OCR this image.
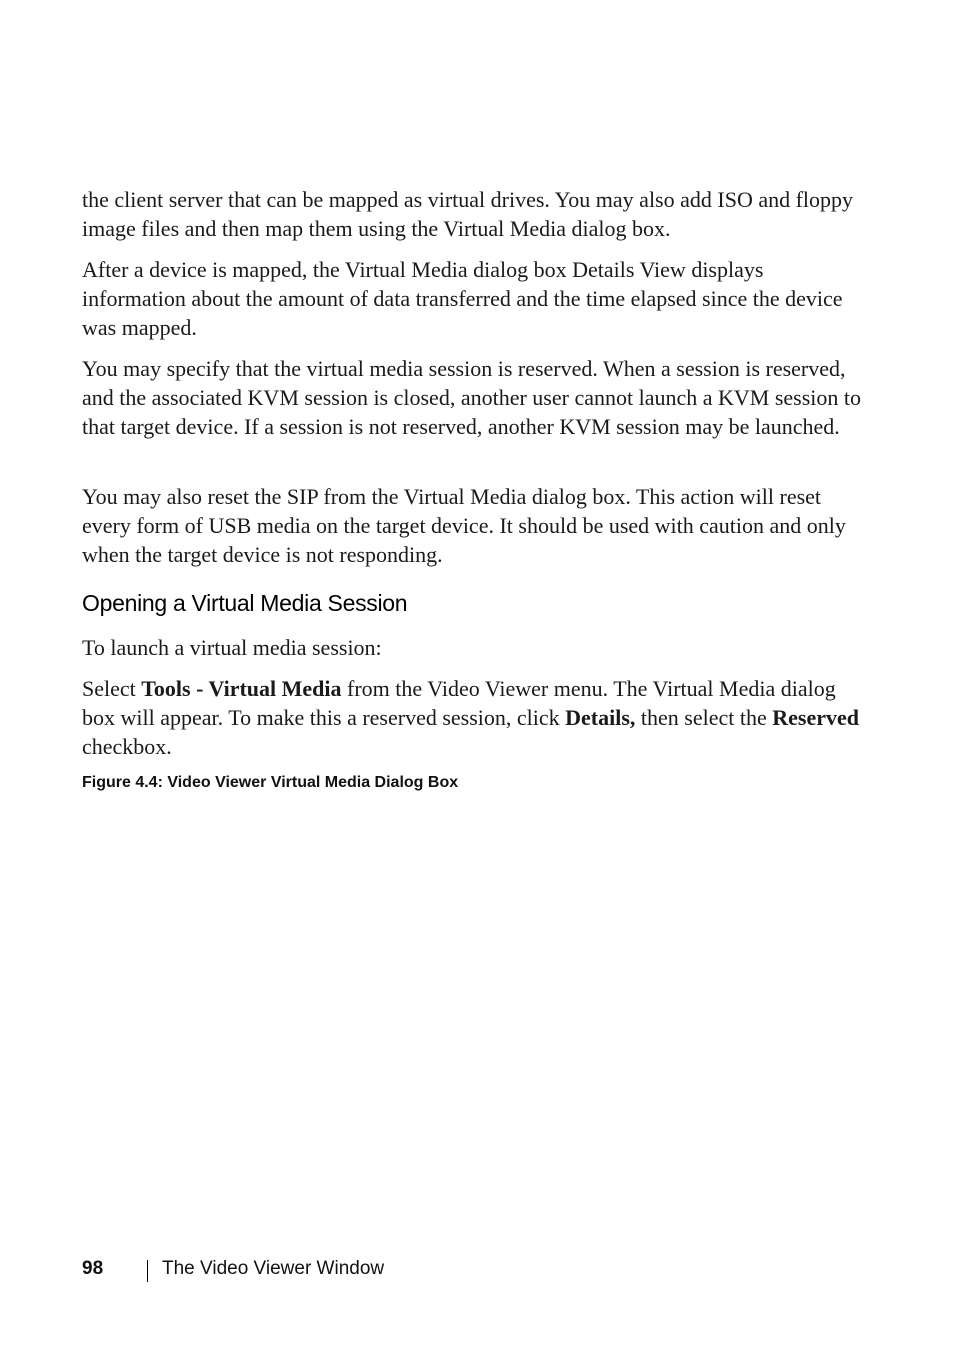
the client server that can be mapped as virtual drives. You may also add ISO and floppy image files and then map them using the Virtual Media dialog box.

After a device is mapped, the Virtual Media dialog box Details View displays information about the amount of data transferred and the time elapsed since the device was mapped.

You may specify that the virtual media session is reserved. When a session is reserved, and the associated KVM session is closed, another user cannot launch a KVM session to that target device. If a session is not reserved, another KVM session may be launched.

You may also reset the SIP from the Virtual Media dialog box. This action will reset every form of USB media on the target device. It should be used with caution and only when the target device is not responding.

Opening a Virtual Media Session

To launch a virtual media session:

Select Tools - Virtual Media from the Video Viewer menu. The Virtual Media dialog box will appear. To make this a reserved session, click Details, then select the Reserved checkbox.

Figure 4.4: Video Viewer Virtual Media Dialog Box

98	The Video Viewer Window
